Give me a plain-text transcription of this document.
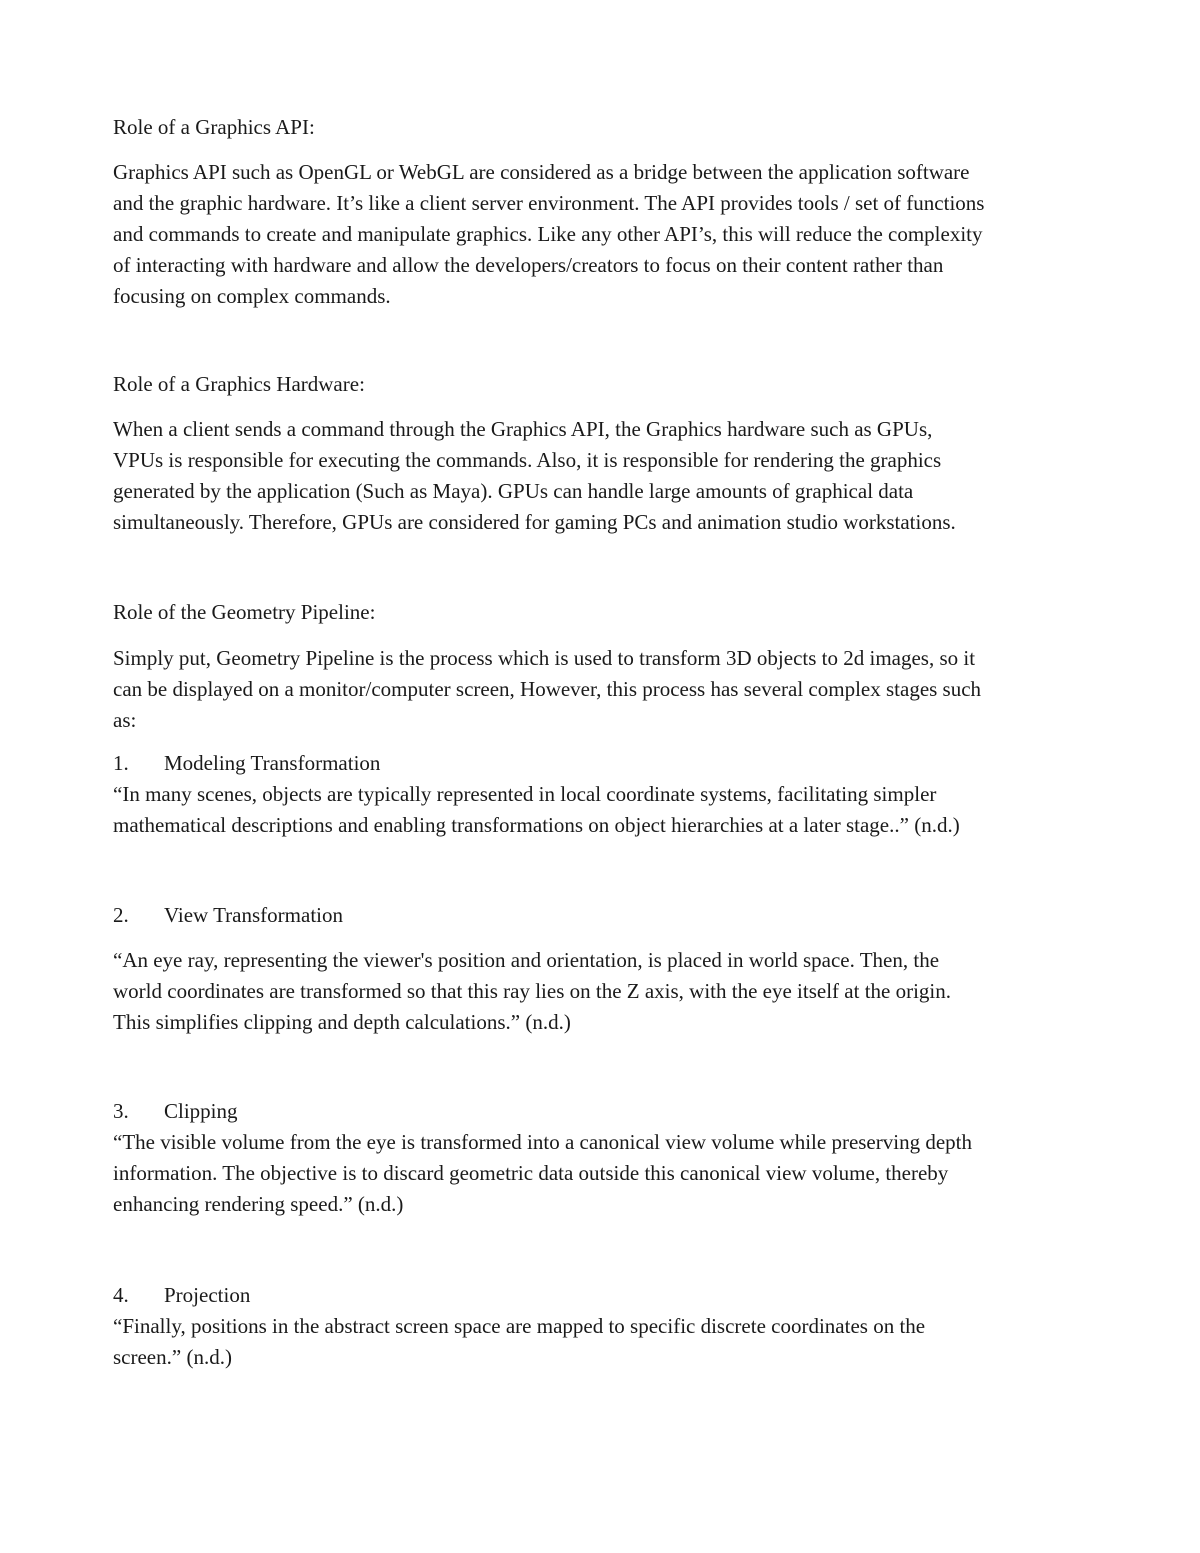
Role of a Graphics API:

Graphics API such as OpenGL or WebGL are considered as a bridge between the application software
and the graphic hardware. It’s like a client server environment. The API provides tools / set of functions
and commands to create and manipulate graphics. Like any other API’s, this will reduce the complexity
of interacting with hardware and allow the developers/creators to focus on their content rather than
focusing on complex commands.

Role of a Graphics Hardware:

When a client sends a command through the Graphics API, the Graphics hardware such as GPUs,
VPUs is responsible for executing the commands. Also, it is responsible for rendering the graphics
generated by the application (Such as Maya). GPUs can handle large amounts of graphical data
simultaneously. Therefore, GPUs are considered for gaming PCs and animation studio workstations.

Role of the Geometry Pipeline:

Simply put, Geometry Pipeline is the process which is used to transform 3D objects to 2d images, so it
can be displayed on a monitor/computer screen, However, this process has several complex stages such
as:

1. Modeling Transformation

“In many scenes, objects are typically represented in local coordinate systems, facilitating simpler
mathematical descriptions and enabling transformations on object hierarchies at a later stage..” (n.d.)

2. View Transformation

“An eye ray, representing the viewer's position and orientation, is placed in world space. Then, the
world coordinates are transformed so that this ray lies on the Z axis, with the eye itself at the origin.
This simplifies clipping and depth calculations.” (n.d.)

3. Clipping

“The visible volume from the eye is transformed into a canonical view volume while preserving depth
information. The objective is to discard geometric data outside this canonical view volume, thereby
enhancing rendering speed.” (n.d.)

4. Projection

“Finally, positions in the abstract screen space are mapped to specific discrete coordinates on the
screen.” (n.d.)
